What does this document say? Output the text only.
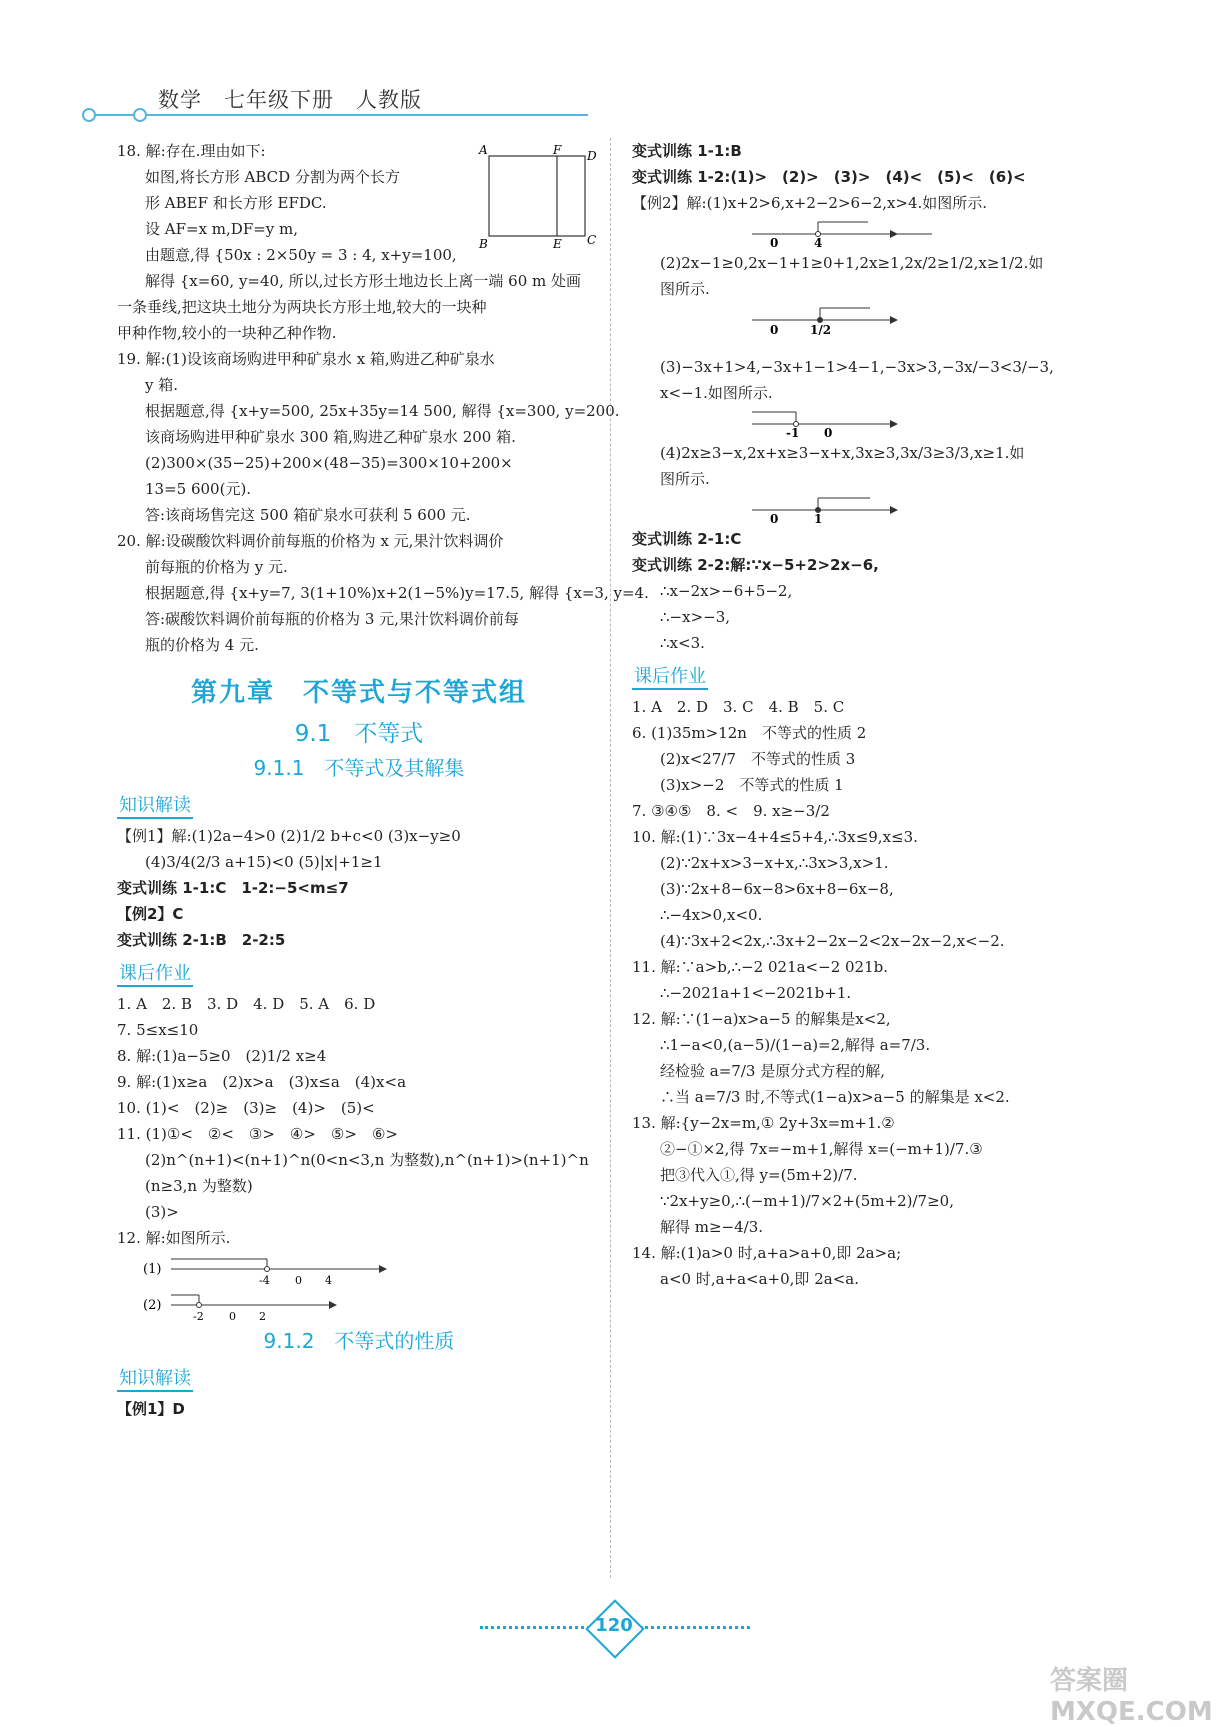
数学　七年级下册　人教版
18. 解:存在.理由如下:
如图,将长方形 ABCD 分割为两个长方
形 ABEF 和长方形 EFDC.
设 AF=x m,DF=y m,
由题意,得 {50x : 2×50y = 3 : 4, x+y=100,
解得 {x=60, y=40, 所以,过长方形土地边长上离一端 60 m 处画
一条垂线,把这块土地分为两块长方形土地,较大的一块种
甲种作物,较小的一块种乙种作物.
A	F D
B	E C
19. 解:(1)设该商场购进甲种矿泉水 x 箱,购进乙种矿泉水
y 箱.
根据题意,得 {x+y=500, 25x+35y=14 500, 解得 {x=300, y=200.
该商场购进甲种矿泉水 300 箱,购进乙种矿泉水 200 箱.
(2)300×(35−25)+200×(48−35)=300×10+200×
13=5 600(元).
答:该商场售完这 500 箱矿泉水可获利 5 600 元.
20. 解:设碳酸饮料调价前每瓶的价格为 x 元,果汁饮料调价
前每瓶的价格为 y 元.
根据题意,得 {x+y=7, 3(1+10%)x+2(1−5%)y=17.5, 解得 {x=3, y=4.
答:碳酸饮料调价前每瓶的价格为 3 元,果汁饮料调价前每
瓶的价格为 4 元.
第九章　不等式与不等式组
9.1　不等式
9.1.1　不等式及其解集
知识解读
【例1】解:(1)2a−4>0 (2)1/2 b+c<0 (3)x−y≥0
(4)3/4(2/3 a+15)<0 (5)|x|+1≥1
变式训练 1-1:C　1-2:−5<m≤7
【例2】C
变式训练 2-1:B　2-2:5
课后作业
1. A　2. B　3. D　4. D　5. A　6. D
7. 5≤x≤10
8. 解:(1)a−5≥0　(2)1/2 x≥4
9. 解:(1)x≥a　(2)x>a　(3)x≤a　(4)x<a
10. (1)<　(2)≥　(3)≥　(4)>　(5)<
11. (1)①<　②<　③>　④>　⑤>　⑥>
(2)n^(n+1)<(n+1)^n(0<n<3,n 为整数),n^(n+1)>(n+1)^n
(n≥3,n 为整数)
(3)>
12. 解:如图所示.
(1)
-4 0 4
(2)
-2 0 2
9.1.2　不等式的性质
知识解读
【例1】D
变式训练 1-1:B
变式训练 1-2:(1)>　(2)>　(3)>　(4)<　(5)<　(6)<
【例2】解:(1)x+2>6,x+2−2>6−2,x>4.如图所示.
0	4
(2)2x−1≥0,2x−1+1≥0+1,2x≥1,2x/2≥1/2,x≥1/2.如
图所示.
0	1/2
(3)−3x+1>4,−3x+1−1>4−1,−3x>3,−3x/−3<3/−3,
x<−1.如图所示.
-1 0
(4)2x≥3−x,2x+x≥3−x+x,3x≥3,3x/3≥3/3,x≥1.如
图所示.
0	1
变式训练 2-1:C
变式训练 2-2:解:∵x−5+2>2x−6,
∴x−2x>−6+5−2,
∴−x>−3,
∴x<3.
课后作业
1. A　2. D　3. C　4. B　5. C
6. (1)35m>12n　不等式的性质 2
(2)x<27/7　不等式的性质 3
(3)x>−2　不等式的性质 1
7. ③④⑤　8. <　9. x≥−3/2
10. 解:(1)∵3x−4+4≤5+4,∴3x≤9,x≤3.
(2)∵2x+x>3−x+x,∴3x>3,x>1.
(3)∵2x+8−6x−8>6x+8−6x−8,
∴−4x>0,x<0.
(4)∵3x+2<2x,∴3x+2−2x−2<2x−2x−2,x<−2.
11. 解:∵a>b,∴−2 021a<−2 021b.
∴−2021a+1<−2021b+1.
12. 解:∵(1−a)x>a−5 的解集是x<2,
∴1−a<0,(a−5)/(1−a)=2,解得 a=7/3.
经检验 a=7/3 是原分式方程的解,
∴当 a=7/3 时,不等式(1−a)x>a−5 的解集是 x<2.
13. 解:{y−2x=m,① 2y+3x=m+1.②
②−①×2,得 7x=−m+1,解得 x=(−m+1)/7.③
把③代入①,得 y=(5m+2)/7.
∵2x+y≥0,∴(−m+1)/7×2+(5m+2)/7≥0,
解得 m≥−4/3.
14. 解:(1)a>0 时,a+a>a+0,即 2a>a;
a<0 时,a+a<a+0,即 2a<a.
120
答案圈 MXQE.COM
